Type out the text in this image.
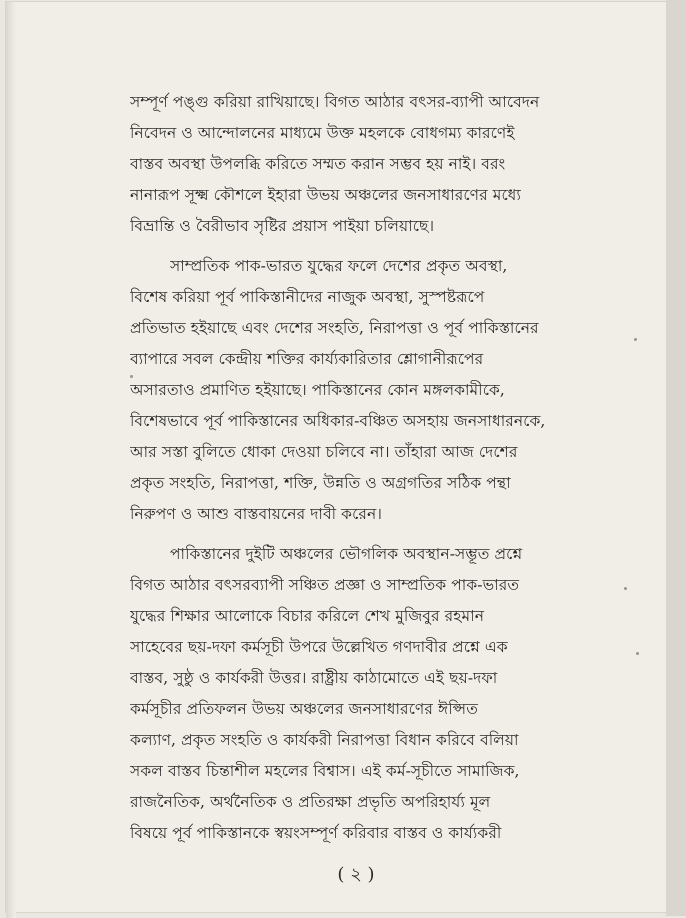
সম্পূর্ণ পঙ্গু করিয়া রাখিয়াছে। বিগত আঠার বৎসর-ব্যাপী আবেদন
নিবেদন ও আন্দোলনের মাধ্যমে উক্ত মহলকে বোধগম্য কারণেই
বাস্তব অবস্থা উপলব্ধি করিতে সম্মত করান সম্ভব হয় নাই। বরং
নানারূপ সূক্ষ্ম কৌশলে ইহারা উভয় অঞ্চলের জনসাধারণের মধ্যে
বিভ্রান্তি ও বৈরীভাব সৃষ্টির প্রয়াস পাইয়া চলিয়াছে।
সাম্প্রতিক পাক-ভারত যুদ্ধের ফলে দেশের প্রকৃত অবস্থা,
বিশেষ করিয়া পূর্ব পাকিস্তানীদের নাজুক অবস্থা, সুস্পষ্টরূপে
প্রতিভাত হইয়াছে এবং দেশের সংহতি, নিরাপত্তা ও পূর্ব পাকিস্তানের
ব্যাপারে সবল কেন্দ্রীয় শক্তির কার্য্যকারিতার শ্লোগানীরূপের
অসারতাও প্রমাণিত হইয়াছে। পাকিস্তানের কোন মঙ্গলকামীকে,
বিশেষভাবে পূর্ব পাকিস্তানের অধিকার-বঞ্চিত অসহায় জনসাধারনকে,
আর সস্তা বুলিতে ধোকা দেওয়া চলিবে না। তাঁহারা আজ দেশের
প্রকৃত সংহতি, নিরাপত্তা, শক্তি, উন্নতি ও অগ্রগতির সঠিক পন্থা
নিরুপণ ও আশু বাস্তবায়নের দাবী করেন।
পাকিস্তানের দুইটি অঞ্চলের ভৌগলিক অবস্থান-সম্ভূত প্রশ্নে
বিগত আঠার বৎসরব্যাপী সঞ্চিত প্রজ্ঞা ও সাম্প্রতিক পাক-ভারত
যুদ্ধের শিক্ষার আলোকে বিচার করিলে শেখ মুজিবুর রহমান
সাহেবের ছয়-দফা কর্মসূচী উপরে উল্লেখিত গণদাবীর প্রশ্নে এক
বাস্তব, সুষ্ঠু ও কার্যকরী উত্তর। রাষ্ট্রীয় কাঠামোতে এই ছয়-দফা
কর্মসূচীর প্রতিফলন উভয় অঞ্চলের জনসাধারণের ঈপ্সিত
কল্যাণ, প্রকৃত সংহতি ও কার্যকরী নিরাপত্তা বিধান করিবে বলিয়া
সকল বাস্তব চিন্তাশীল মহলের বিশ্বাস। এই কর্ম-সূচীতে সামাজিক,
রাজনৈতিক, অর্থনৈতিক ও প্রতিরক্ষা প্রভৃতি অপরিহার্য্য মূল
বিষয়ে পূর্ব পাকিস্তানকে স্বয়ংসম্পূর্ণ করিবার বাস্তব ও কার্য্যকরী
( ২ )
